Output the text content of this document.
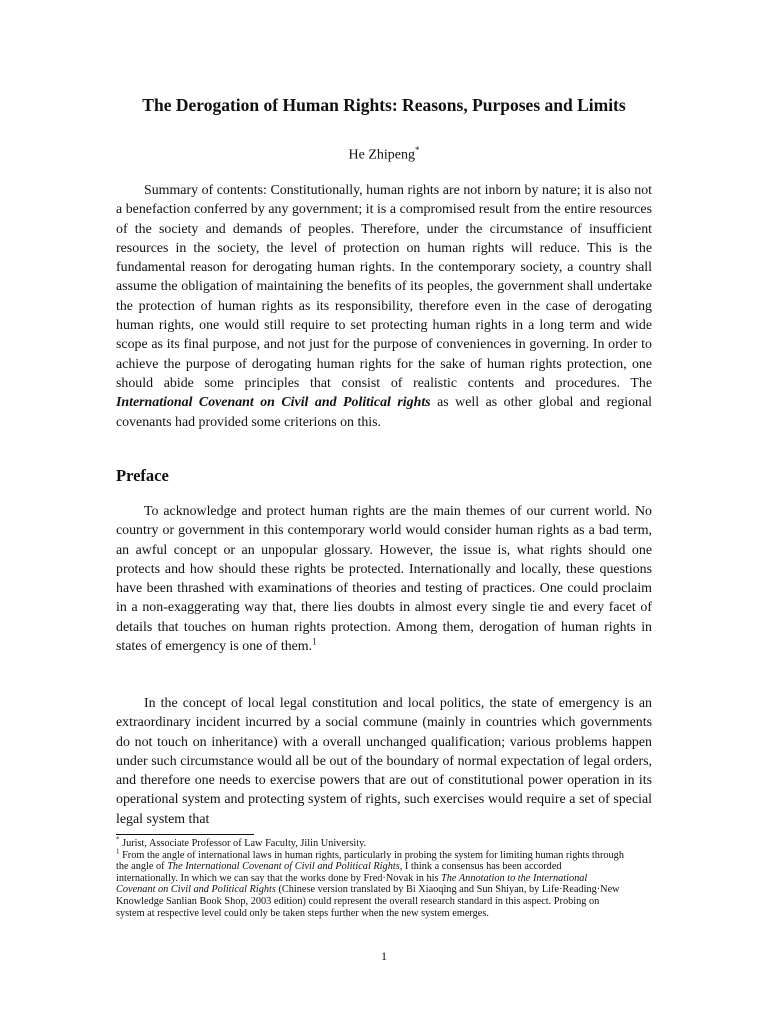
The Derogation of Human Rights: Reasons, Purposes and Limits
He Zhipeng*

Summary of contents: Constitutionally, human rights are not inborn by nature; it is also not a benefaction conferred by any government; it is a compromised result from the entire resources of the society and demands of peoples. Therefore, under the circumstance of insufficient resources in the society, the level of protection on human rights will reduce. This is the fundamental reason for derogating human rights. In the contemporary society, a country shall assume the obligation of maintaining the benefits of its peoples, the government shall undertake the protection of human rights as its responsibility, therefore even in the case of derogating human rights, one would still require to set protecting human rights in a long term and wide scope as its final purpose, and not just for the purpose of conveniences in governing. In order to achieve the purpose of derogating human rights for the sake of human rights protection, one should abide some principles that consist of realistic contents and procedures. The International Covenant on Civil and Political rights as well as other global and regional covenants had provided some criterions on this.

Preface

To acknowledge and protect human rights are the main themes of our current world. No country or government in this contemporary world would consider human rights as a bad term, an awful concept or an unpopular glossary. However, the issue is, what rights should one protects and how should these rights be protected. Internationally and locally, these questions have been thrashed with examinations of theories and testing of practices. One could proclaim in a non-exaggerating way that, there lies doubts in almost every single tie and every facet of details that touches on human rights protection. Among them, derogation of human rights in states of emergency is one of them.$^1$

In the concept of local legal constitution and local politics, the state of emergency is an extraordinary incident incurred by a social commune (mainly in countries which governments do not touch on inheritance) with a overall unchanged qualification; various problems happen under such circumstance would all be out of the boundary of normal expectation of legal orders, and therefore one needs to exercise powers that are out of constitutional power operation in its operational system and protecting system of rights, such exercises would require a set of special legal system that

* Jurist, Associate Professor of Law Faculty, Jilin University.

$^1$ From the angle of international laws in human rights, particularly in probing the system for limiting human rights through the angle of The International Covenant of Civil and Political Rights, I think a consensus has been accorded internationally. In which we can say that the works done by Fred·Novak in his The Annotation to the International Covenant on Civil and Political Rights (Chinese version translated by Bi Xiaoqing and Sun Shiyan, by Life·Reading·New Knowledge Sanlian Book Shop, 2003 edition) could represent the overall research standard in this aspect. Probing on system at respective level could only be taken steps further when the new system emerges.

1
